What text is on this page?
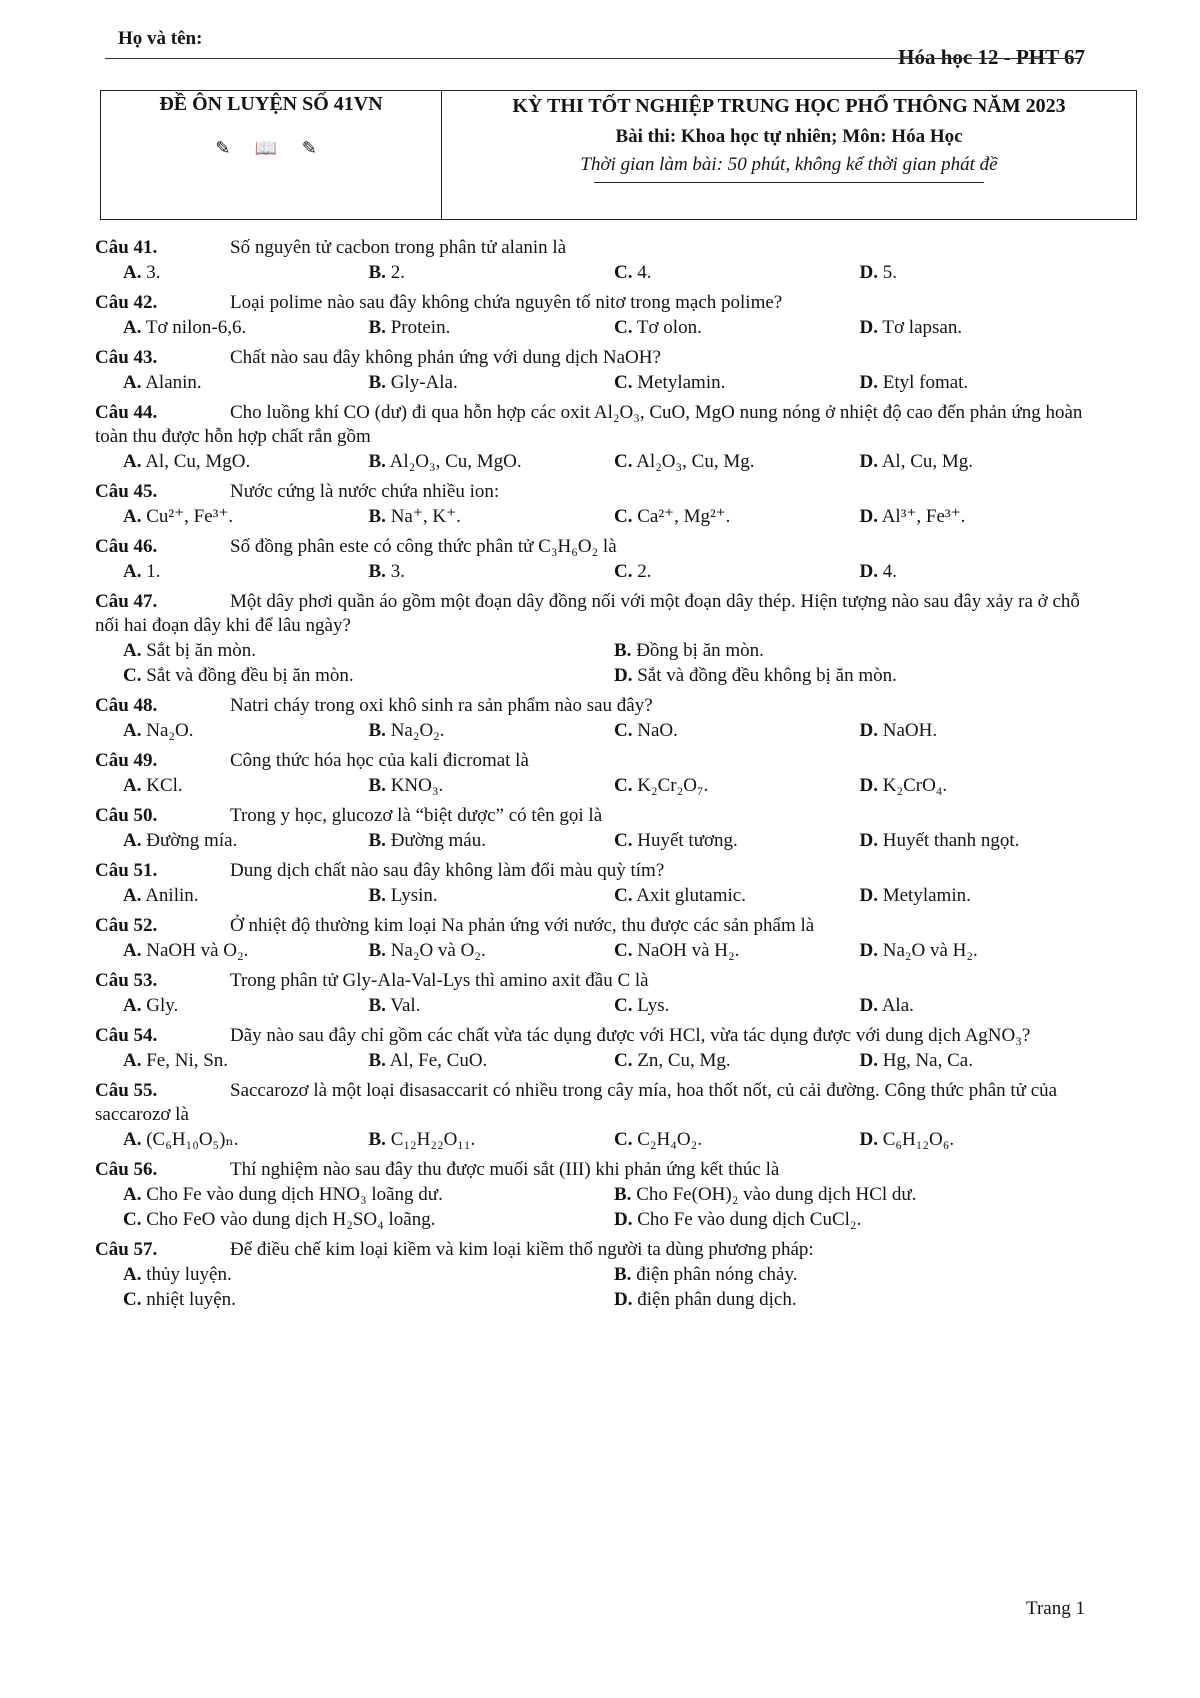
Họ và tên:
Hóa học 12 - PHT 67
ĐỀ ÔN LUYỆN SỐ 41VN
✎ 📖 ✎
KỲ THI TỐT NGHIỆP TRUNG HỌC PHỔ THÔNG NĂM 2023
Bài thi: Khoa học tự nhiên; Môn: Hóa Học
Thời gian làm bài: 50 phút, không kể thời gian phát đề
Câu 41.	Số nguyên tử cacbon trong phân tử alanin là
A. 3.	B. 2.	C. 4.	D. 5.
Câu 42.	Loại polime nào sau đây không chứa nguyên tố nitơ trong mạch polime?
A. Tơ nilon-6,6.	B. Protein.	C. Tơ olon.	D. Tơ lapsan.
Câu 43.	Chất nào sau đây không phản ứng với dung dịch NaOH?
A. Alanin.	B. Gly-Ala.	C. Metylamin.	D. Etyl fomat.
Câu 44.	Cho luồng khí CO (dư) đi qua hỗn hợp các oxit Al₂O₃, CuO, MgO nung nóng ở nhiệt độ cao đến phản ứng hoàn toàn thu được hỗn hợp chất rắn gồm
A. Al, Cu, MgO.	B. Al₂O₃, Cu, MgO.	C. Al₂O₃, Cu, Mg.	D. Al, Cu, Mg.
Câu 45.	Nước cứng là nước chứa nhiều ion:
A. Cu²⁺, Fe³⁺.	B. Na⁺, K⁺.	C. Ca²⁺, Mg²⁺.	D. Al³⁺, Fe³⁺.
Câu 46.	Số đồng phân este có công thức phân tử C₃H₆O₂ là
A. 1.	B. 3.	C. 2.	D. 4.
Câu 47.	Một dây phơi quần áo gồm một đoạn dây đồng nối với một đoạn dây thép. Hiện tượng nào sau đây xảy ra ở chỗ nối hai đoạn dây khi để lâu ngày?
A. Sắt bị ăn mòn.	B. Đồng bị ăn mòn.
C. Sắt và đồng đều bị ăn mòn.	D. Sắt và đồng đều không bị ăn mòn.
Câu 48.	Natri cháy trong oxi khô sinh ra sản phẩm nào sau đây?
A. Na₂O.	B. Na₂O₂.	C. NaO.	D. NaOH.
Câu 49.	Công thức hóa học của kali đicromat là
A. KCl.	B. KNO₃.	C. K₂Cr₂O₇.	D. K₂CrO₄.
Câu 50.	Trong y học, glucozơ là “biệt dược” có tên gọi là
A. Đường mía.	B. Đường máu.	C. Huyết tương.	D. Huyết thanh ngọt.
Câu 51.	Dung dịch chất nào sau đây không làm đổi màu quỳ tím?
A. Anilin.	B. Lysin.	C. Axit glutamic.	D. Metylamin.
Câu 52.	Ở nhiệt độ thường kim loại Na phản ứng với nước, thu được các sản phẩm là
A. NaOH và O₂.	B. Na₂O và O₂.	C. NaOH và H₂.	D. Na₂O và H₂.
Câu 53.	Trong phân tử Gly-Ala-Val-Lys thì amino axit đầu C là
A. Gly.	B. Val.	C. Lys.	D. Ala.
Câu 54.	Dãy nào sau đây chỉ gồm các chất vừa tác dụng được với HCl, vừa tác dụng được với dung dịch AgNO₃?
A. Fe, Ni, Sn.	B. Al, Fe, CuO.	C. Zn, Cu, Mg.	D. Hg, Na, Ca.
Câu 55.	Saccarozơ là một loại đisasaccarit có nhiều trong cây mía, hoa thốt nốt, củ cải đường. Công thức phân tử của saccarozơ là
A. (C₆H₁₀O₅)ₙ.	B. C₁₂H₂₂O₁₁.	C. C₂H₄O₂.	D. C₆H₁₂O₆.
Câu 56.	Thí nghiệm nào sau đây thu được muối sắt (III) khi phản ứng kết thúc là
A. Cho Fe vào dung dịch HNO₃ loãng dư.	B. Cho Fe(OH)₂ vào dung dịch HCl dư.
C. Cho FeO vào dung dịch H₂SO₄ loãng.	D. Cho Fe vào dung dịch CuCl₂.
Câu 57.	Để điều chế kim loại kiềm và kim loại kiềm thổ người ta dùng phương pháp:
A. thủy luyện.	B. điện phân nóng chảy.
C. nhiệt luyện.	D. điện phân dung dịch.
Trang 1
